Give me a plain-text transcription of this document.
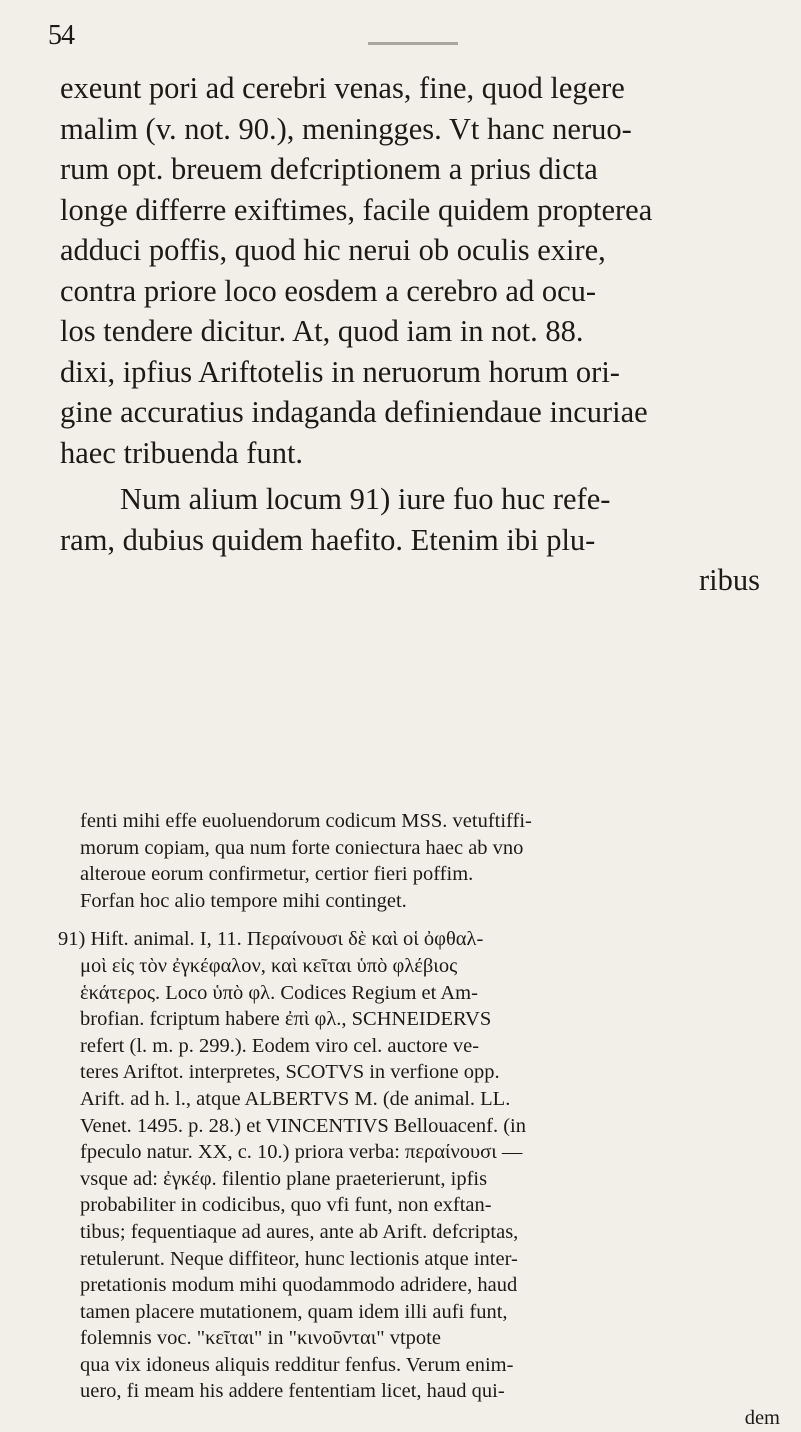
54
exeunt pori ad cerebri venas, fine, quod legere
malim (v. not. 90.), meningges. Vt hanc neruo-
rum opt. breuem defcriptionem a prius dicta
longe differre exiftimes, facile quidem propterea
adduci poffis, quod hic nerui ob oculis exire,
contra priore loco eosdem a cerebro ad ocu-
los tendere dicitur. At, quod iam in not. 88.
dixi, ipfius Ariftotelis in neruorum horum ori-
gine accuratius indaganda definiendaue incuriae
haec tribuenda funt.
Num alium locum 91) iure fuo huc refe-
ram, dubius quidem haefito. Etenim ibi plu-
ribus
fenti mihi effe euoluendorum codicum MSS. vetuftiffi-
morum copiam, qua num forte coniectura haec ab vno
alteroue eorum confirmetur, certior fieri poffim.
Forfan hoc alio tempore mihi continget.
91) Hift. animal. I, 11. Περαίνουσι δὲ καὶ οἱ ὀφθαλ-
μοὶ εἰς τὸν ἐγκέφαλον, καὶ κεῖται ὑπὸ φλέβιος
ἑκάτερος. Loco ὑπὸ φλ. Codices Regium et Am-
brofian. fcriptum habere ἐπὶ φλ., SCHNEIDERVS
refert (l. m. p. 299.). Eodem viro cel. auctore ve-
teres Ariftot. interpretes, SCOTVS in verfione opp.
Arift. ad h. l., atque ALBERTVS M. (de animal. LL.
Venet. 1495. p. 28.) et VINCENTIVS Bellouacenf. (in
fpeculo natur. XX, c. 10.) priora verba: περαίνουσι —
vsque ad: ἐγκέφ. filentio plane praeterierunt, ipfis
probabiliter in codicibus, quo vfi funt, non exftan-
tibus; fequentiaque ad aures, ante ab Arift. defcriptas,
retulerunt. Neque diffiteor, hunc lectionis atque inter-
pretationis modum mihi quodammodo adridere, haud
tamen placere mutationem, quam idem illi aufi funt,
folemnis voc. "κεῖται" in "κινοῦνται" vtpote
qua vix idoneus aliquis redditur fenfus. Verum enim-
uero, fi meam his addere fententiam licet, haud qui-
dem
